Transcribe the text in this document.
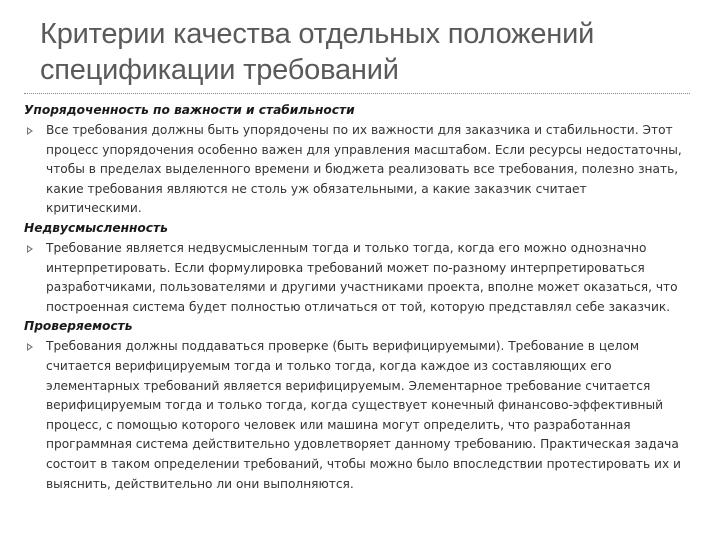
Критерии качества отдельных положений спецификации требований
Упорядоченность по важности и стабильности
Все требования должны быть упорядочены по их важности для заказчика и стабильности. Этот процесс упорядочения особенно важен для управления масштабом. Если ресурсы недостаточны, чтобы в пределах выделенного времени и бюджета реализовать все требования, полезно знать, какие требования являются не столь уж обязательными, а какие заказчик считает критическими.
Недвусмысленность
Требование является недвусмысленным тогда и только тогда, когда его можно однозначно интерпретировать. Если формулировка требований может по-разному интерпретироваться разработчиками, пользователями и другими участниками проекта, вполне может оказаться, что построенная система будет полностью отличаться от той, которую представлял себе заказчик.
Проверяемость
Требования должны поддаваться проверке (быть верифицируемыми). Требование в целом считается верифицируемым тогда и только тогда, когда каждое из составляющих его элементарных требований является верифицируемым. Элементарное требование считается верифицируемым тогда и только тогда, когда существует конечный финансово-эффективный процесс, с помощью которого человек или машина могут определить, что разработанная программная система действительно удовлетворяет данному требованию. Практическая задача состоит в таком определении требований, чтобы можно было впоследствии протестировать их и выяснить, действительно ли они выполняются.
